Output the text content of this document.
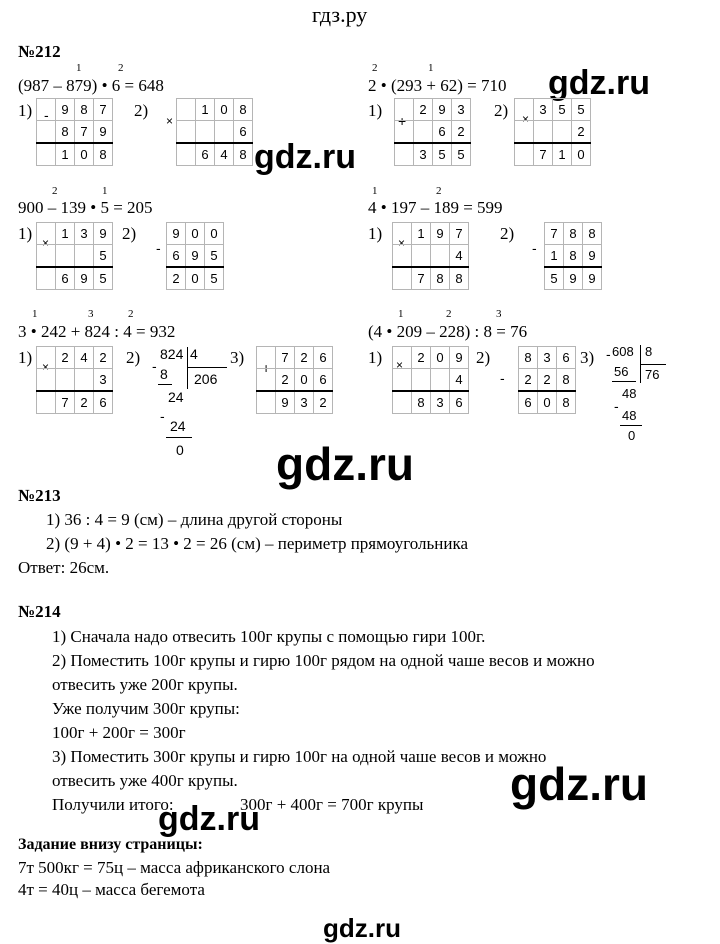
гдз.ру
gdz.ru
gdz.ru
gdz.ru
gdz.ru
gdz.ru
gdz.ru
№212
1	2
(987 – 879) • 6 = 648
1) -
	9	8	7
	8	7	9
	1	0	8
2)
×
	1	0	8
			6
	6	4	8
2	1
2 • (293 + 62) = 710
1)
+
	2	9	3
		6	2
	3	5	5
2) ×
	3	5	5
			2
	7	1	0
2	1
900 – 139 • 5 = 205
1) ×
	1	3	9
			5
	6	9	5
2)
-
9	0	0
6	9	5
2	0	5
1	2
4 • 197 – 189 = 599
1) ×
	1	9	7
			4
	7	8	8
2)
-
7	8	8
1	8	9
5	9	9
1	3	2
3 • 242 + 824 : 4 = 932
1) ×
	2	4	2
			3
	7	2	6
2) 824 4
206
- 8
24
-
24
0
3)
+
	7	2	6
	2	0	6
	9	3	2
1	2	3
(4 • 209 – 228) : 8 = 76
1) ×
	2	0	9
			4
	8	3	6
2)
-
8	3	6
2	2	8
6	0	8
3) - 608 8
76
56
48
-
48
0
№213
1) 36 : 4 = 9 (см) – длина другой стороны
2) (9 + 4) • 2 = 13 • 2 = 26 (см) – периметр прямоугольника
Ответ: 26см.
№214
1) Сначала надо отвесить 100г крупы с помощью гири 100г.
2) Поместить 100г крупы и гирю 100г рядом на одной чаше весов и можно
отвесить уже 200г крупы.
Уже получим 300г крупы:
100г + 200г = 300г
3) Поместить 300г крупы и гирю 100г на одной чаше весов и можно
отвесить уже 400г крупы.
Получили итого:	300г + 400г = 700г крупы
Задание внизу страницы:
7т 500кг = 75ц – масса африканского слона
4т = 40ц – масса бегемота
